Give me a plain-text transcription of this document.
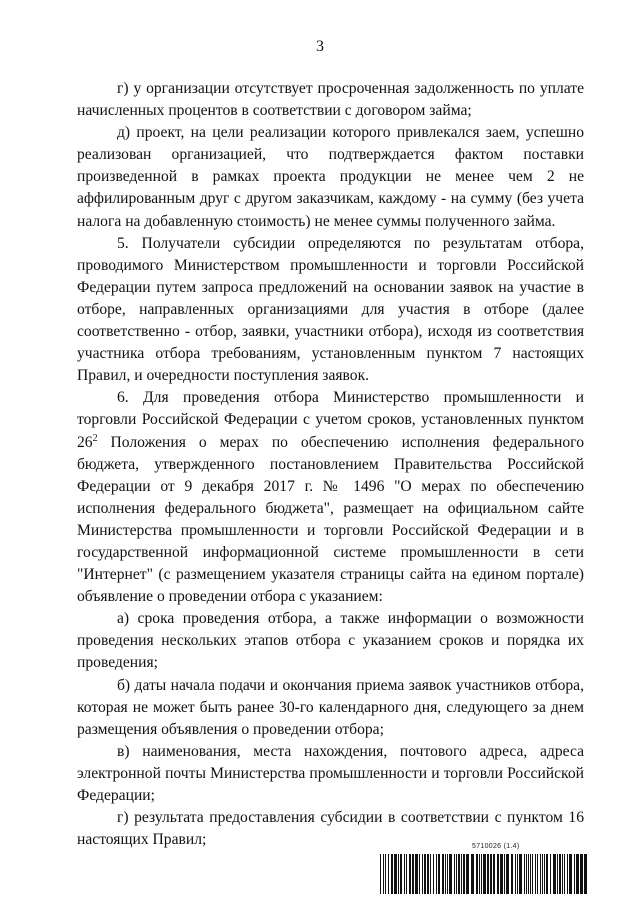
3

г) у организации отсутствует просроченная задолженность по уплате начисленных процентов в соответствии с договором займа;

д) проект, на цели реализации которого привлекался заем, успешно реализован организацией, что подтверждается фактом поставки произведенной в рамках проекта продукции не менее чем 2 не аффилированным друг с другом заказчикам, каждому - на сумму (без учета налога на добавленную стоимость) не менее суммы полученного займа.

5. Получатели субсидии определяются по результатам отбора, проводимого Министерством промышленности и торговли Российской Федерации путем запроса предложений на основании заявок на участие в отборе, направленных организациями для участия в отборе (далее соответственно - отбор, заявки, участники отбора), исходя из соответствия участника отбора требованиям, установленным пунктом 7 настоящих Правил, и очередности поступления заявок.

6. Для проведения отбора Министерство промышленности и торговли Российской Федерации с учетом сроков, установленных пунктом $26^2$ Положения о мерах по обеспечению исполнения федерального бюджета, утвержденного постановлением Правительства Российской Федерации от 9 декабря 2017 г. № 1496 "О мерах по обеспечению исполнения федерального бюджета", размещает на официальном сайте Министерства промышленности и торговли Российской Федерации и в государственной информационной системе промышленности в сети "Интернет" (с размещением указателя страницы сайта на едином портале) объявление о проведении отбора с указанием:

а) срока проведения отбора, а также информации о возможности проведения нескольких этапов отбора с указанием сроков и порядка их проведения;

б) даты начала подачи и окончания приема заявок участников отбора, которая не может быть ранее 30-го календарного дня, следующего за днем размещения объявления о проведении отбора;

в) наименования, места нахождения, почтового адреса, адреса электронной почты Министерства промышленности и торговли Российской Федерации;

г) результата предоставления субсидии в соответствии с пунктом 16 настоящих Правил;	5710026 (1.4)
